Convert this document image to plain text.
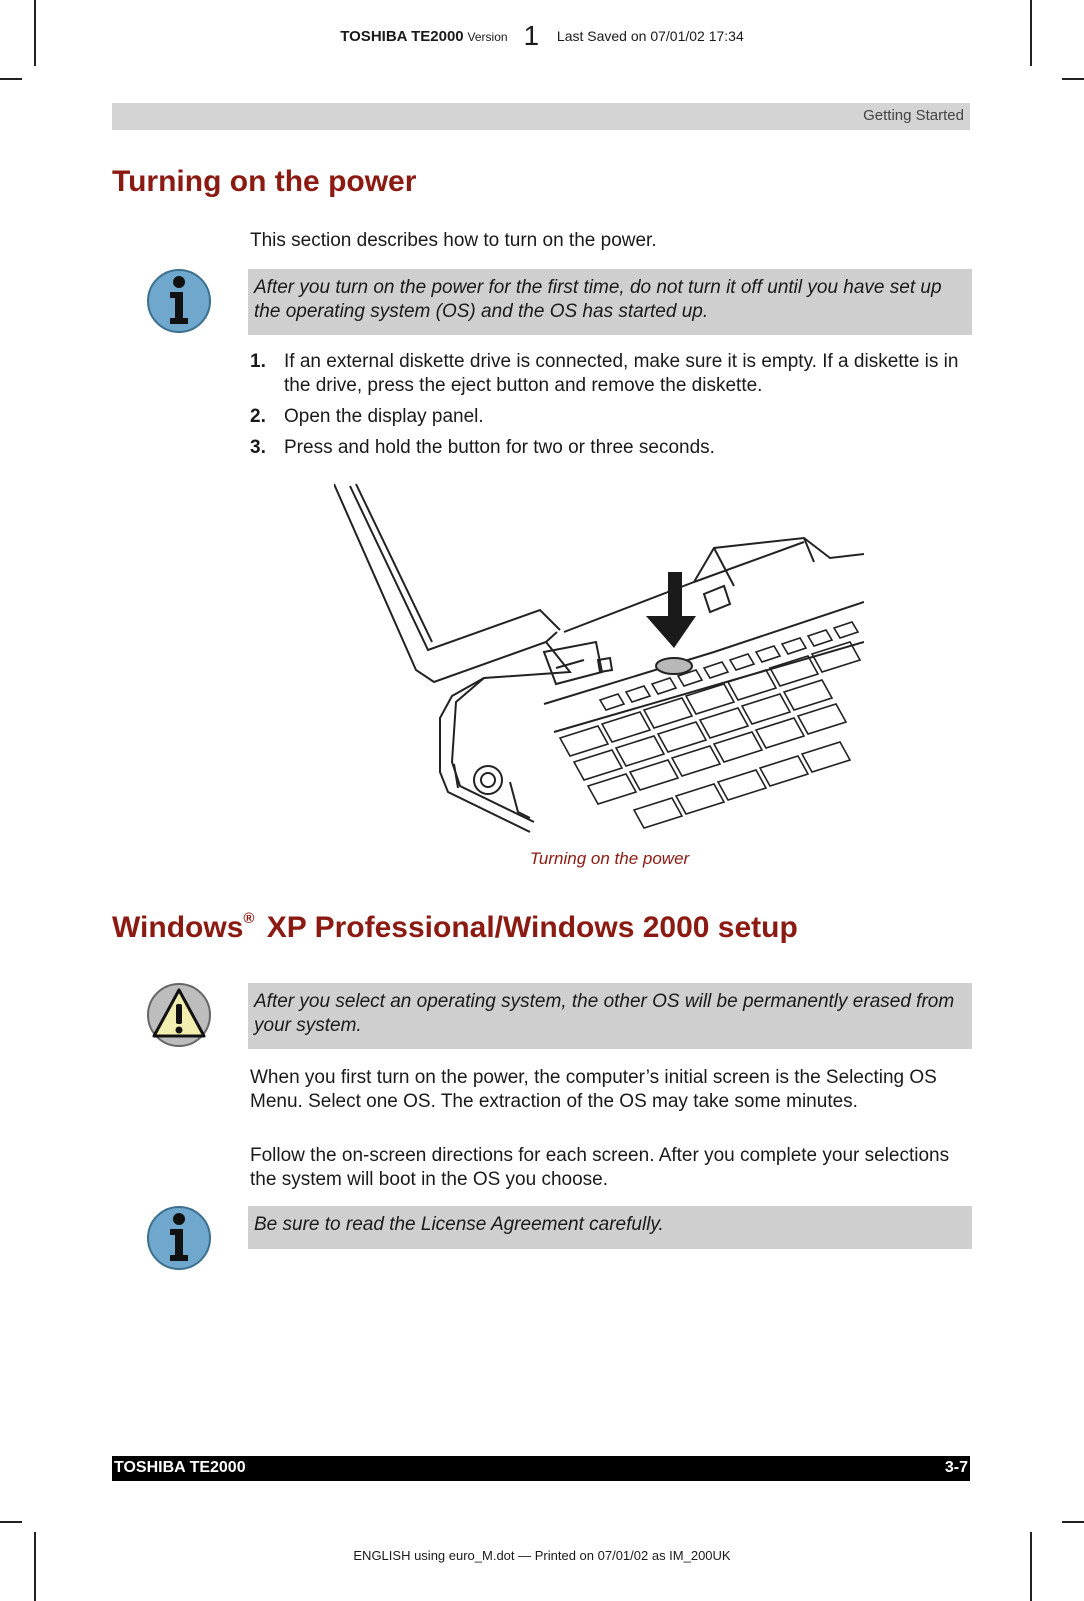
TOSHIBA TE2000 Version 1 Last Saved on 07/01/02 17:34
Getting Started
Turning on the power
This section describes how to turn on the power.
After you turn on the power for the first time, do not turn it off until you have set up the operating system (OS) and the OS has started up.
1. If an external diskette drive is connected, make sure it is empty. If a diskette is in the drive, press the eject button and remove the diskette.
2. Open the display panel.
3. Press and hold the button for two or three seconds.
Turning on the power
Windows® XP Professional/Windows 2000 setup
After you select an operating system, the other OS will be permanently erased from your system.
When you first turn on the power, the computer’s initial screen is the Selecting OS Menu. Select one OS. The extraction of the OS may take some minutes.
Follow the on-screen directions for each screen. After you complete your selections the system will boot in the OS you choose.
Be sure to read the License Agreement carefully.
TOSHIBA TE2000	3-7
ENGLISH using euro_M.dot — Printed on 07/01/02 as IM_200UK
